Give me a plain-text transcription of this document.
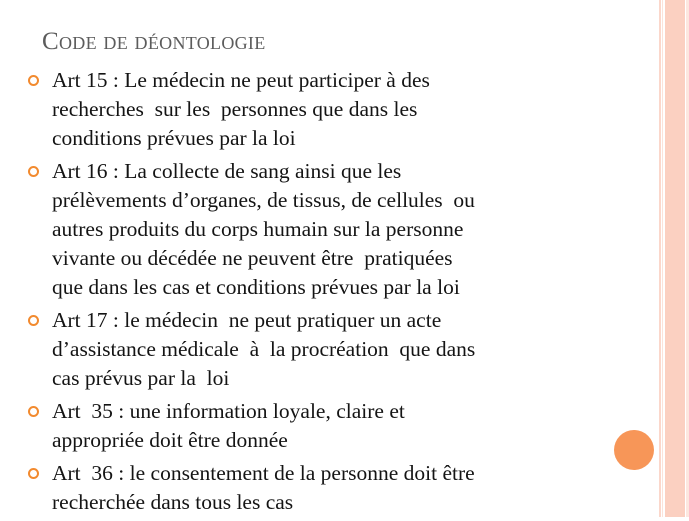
Code de déontologie
Art 15 : Le médecin ne peut participer à des
recherches  sur les  personnes que dans les
conditions prévues par la loi
Art 16 : La collecte de sang ainsi que les
prélèvements d’organes, de tissus, de cellules  ou
autres produits du corps humain sur la personne
vivante ou décédée ne peuvent être  pratiquées
que dans les cas et conditions prévues par la loi
Art 17 : le médecin  ne peut pratiquer un acte
d’assistance médicale  à  la procréation  que dans
cas prévus par la  loi
Art  35 : une information loyale, claire et
appropriée doit être donnée
Art  36 : le consentement de la personne doit être
recherchée dans tous les cas
